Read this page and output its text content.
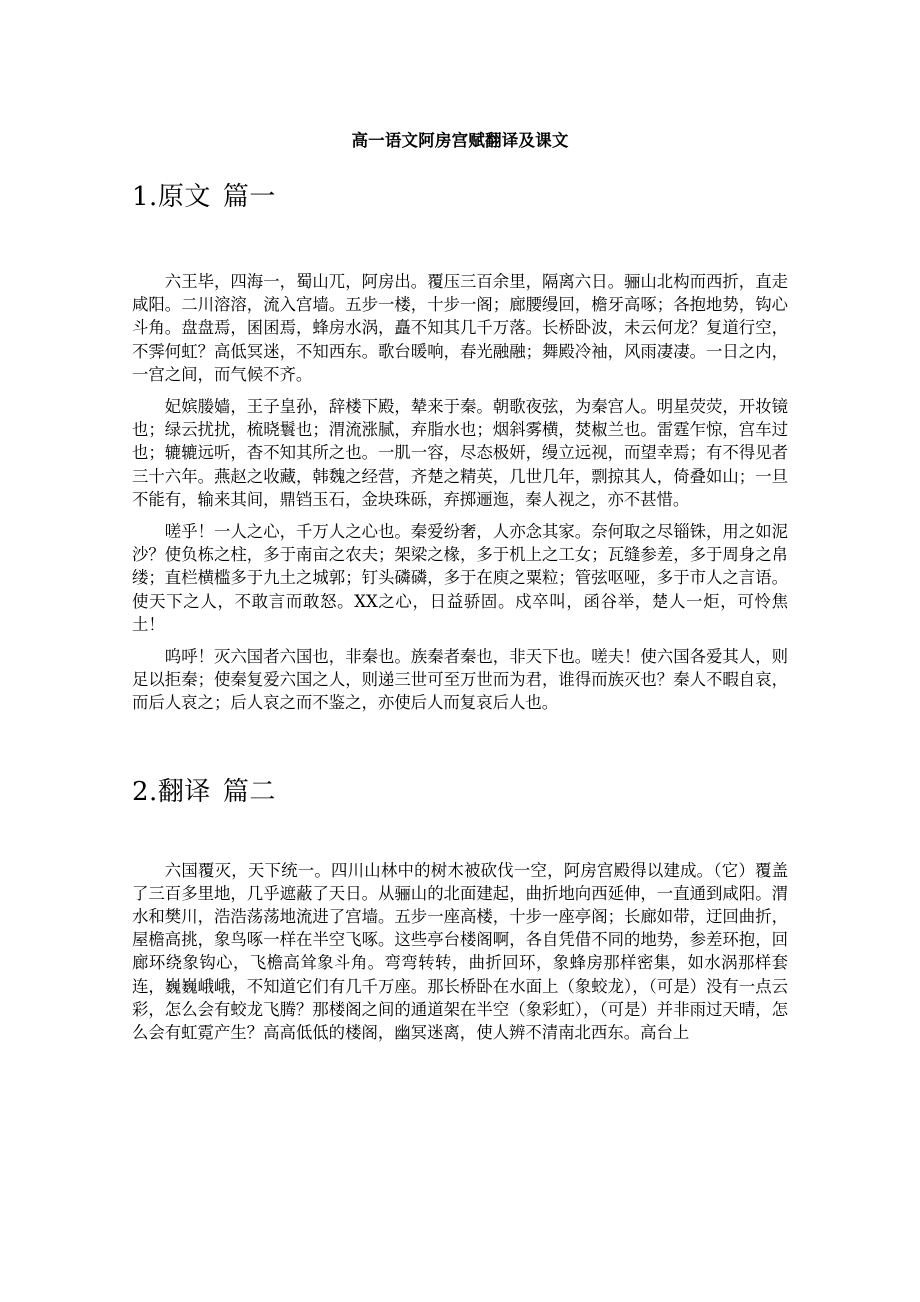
高一语文阿房宫赋翻译及课文
1.原文 篇一

六王毕，四海一，蜀山兀，阿房出。覆压三百余里，隔离六日。骊山北构而西折，直走咸阳。二川溶溶，流入宫墙。五步一楼，十步一阁；廊腰缦回，檐牙高啄；各抱地势，钩心斗角。盘盘焉，囷囷焉，蜂房水涡，矗不知其几千万落。长桥卧波，未云何龙？复道行空，不霁何虹？高低冥迷，不知西东。歌台暖响，春光融融；舞殿冷袖，风雨凄凄。一日之内，一宫之间，而气候不齐。

妃嫔媵嫱，王子皇孙，辞楼下殿，辇来于秦。朝歌夜弦，为秦宫人。明星荧荧，开妆镜也；绿云扰扰，梳晓鬟也；渭流涨腻，弃脂水也；烟斜雾横，焚椒兰也。雷霆乍惊，宫车过也；辘辘远听，杳不知其所之也。一肌一容，尽态极妍，缦立远视，而望幸焉；有不得见者三十六年。燕赵之收藏，韩魏之经营，齐楚之精英，几世几年，剽掠其人，倚叠如山；一旦不能有，输来其间，鼎铛玉石，金块珠砾，弃掷逦迤，秦人视之，亦不甚惜。

嗟乎！一人之心，千万人之心也。秦爱纷奢，人亦念其家。奈何取之尽锱铢，用之如泥沙？使负栋之柱，多于南亩之农夫；架梁之椽，多于机上之工女；瓦缝参差，多于周身之帛缕；直栏横槛多于九土之城郭；钉头磷磷，多于在庾之粟粒；管弦呕哑，多于市人之言语。使天下之人，不敢言而敢怒。XX之心，日益骄固。戍卒叫，函谷举，楚人一炬，可怜焦土！

呜呼！灭六国者六国也，非秦也。族秦者秦也，非天下也。嗟夫！使六国各爱其人，则足以拒秦；使秦复爱六国之人，则递三世可至万世而为君，谁得而族灭也？秦人不暇自哀，而后人哀之；后人哀之而不鉴之，亦使后人而复哀后人也。

2.翻译 篇二

六国覆灭，天下统一。四川山林中的树木被砍伐一空，阿房宫殿得以建成。（它）覆盖了三百多里地，几乎遮蔽了天日。从骊山的北面建起，曲折地向西延伸，一直通到咸阳。渭水和樊川，浩浩荡荡地流进了宫墙。五步一座高楼，十步一座亭阁；长廊如带，迂回曲折，屋檐高挑，象鸟啄一样在半空飞啄。这些亭台楼阁啊，各自凭借不同的地势，参差环抱，回廊环绕象钩心，飞檐高耸象斗角。弯弯转转，曲折回环，象蜂房那样密集，如水涡那样套连，巍巍峨峨，不知道它们有几千万座。那长桥卧在水面上（象蛟龙），（可是）没有一点云彩，怎么会有蛟龙飞腾？那楼阁之间的通道架在半空（象彩虹），（可是）并非雨过天晴，怎么会有虹霓产生？高高低低的楼阁，幽冥迷离，使人辨不清南北西东。高台上
